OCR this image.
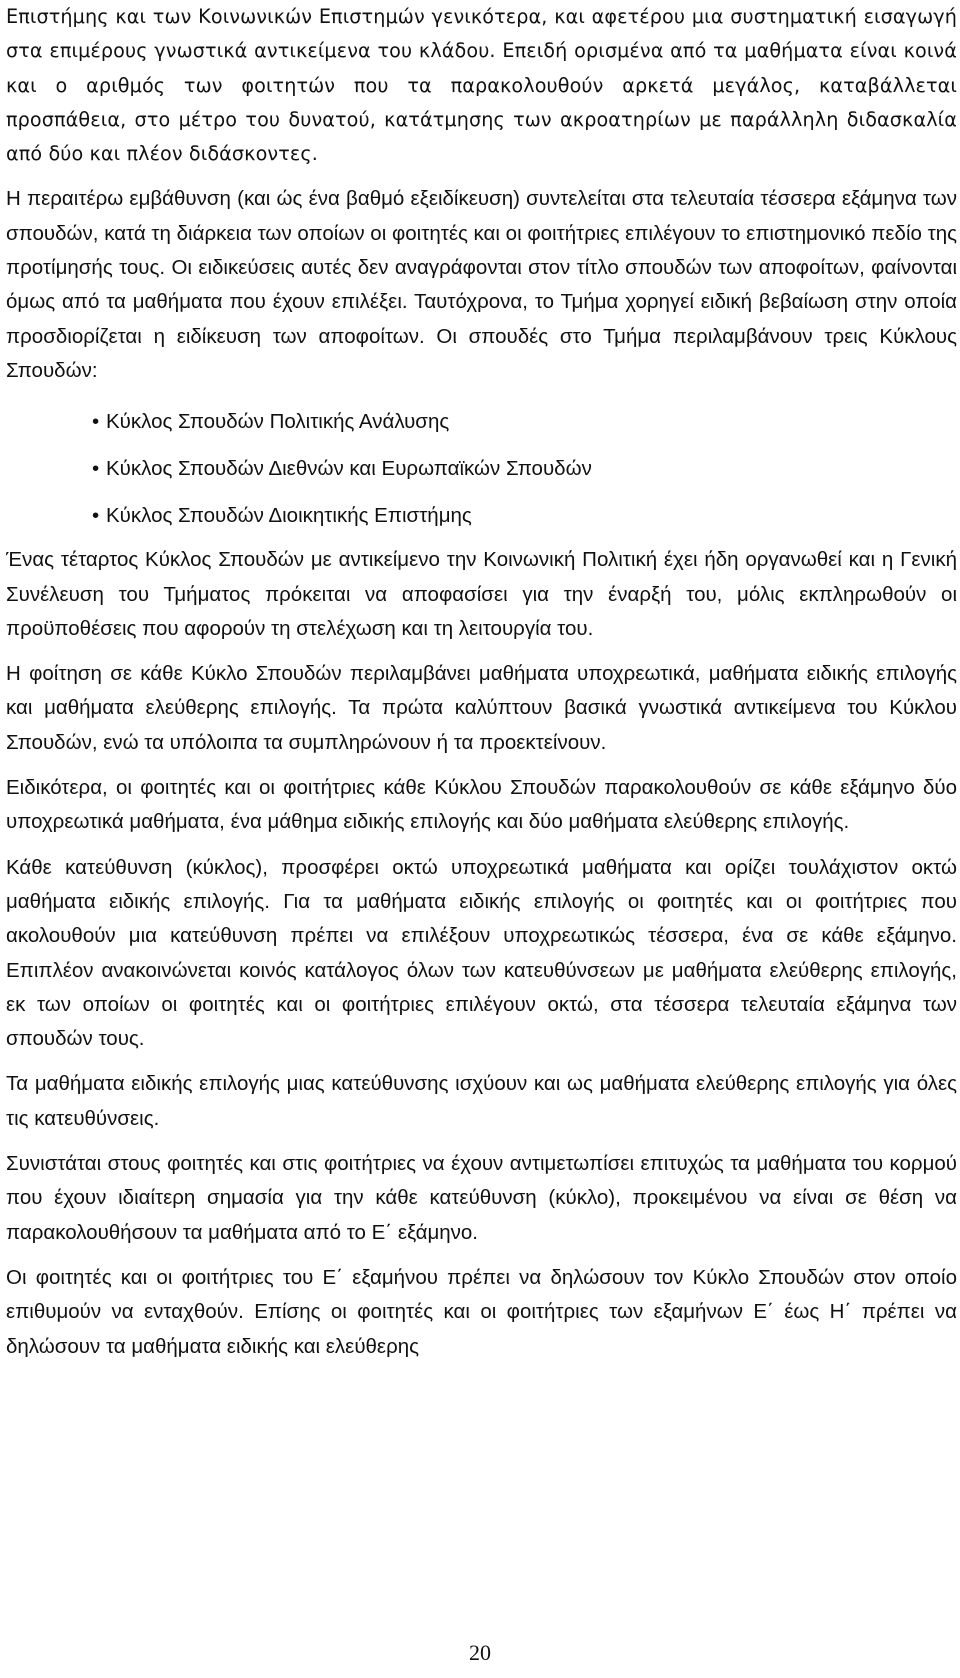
Επιστήμης και των Κοινωνικών Επιστημών γενικότερα, και αφετέρου μια συστηματική εισαγωγή στα επιμέρους γνωστικά αντικείμενα του κλάδου. Επειδή ορισμένα από τα μαθήματα είναι κοινά και ο αριθμός των φοιτητών που τα παρακολουθούν αρκετά μεγάλος, καταβάλλεται προσπάθεια, στο μέτρο του δυνατού, κατάτμησης των ακροατηρίων με παράλληλη διδασκαλία από δύο και πλέον διδάσκοντες.

Η περαιτέρω εμβάθυνση (και ώς ένα βαθμό εξειδίκευση) συντελείται στα τελευταία τέσσερα εξάμηνα των σπουδών, κατά τη διάρκεια των οποίων οι φοιτητές και οι φοιτήτριες επιλέγουν το επιστημονικό πεδίο της προτίμησής τους. Οι ειδικεύσεις αυτές δεν αναγράφονται στον τίτλο σπουδών των αποφοίτων, φαίνονται όμως από τα μαθήματα που έχουν επιλέξει. Ταυτόχρονα, το Τμήμα χορηγεί ειδική βεβαίωση στην οποία προσδιορίζεται η ειδίκευση των αποφοίτων. Οι σπουδές στο Τμήμα περιλαμβάνουν τρεις Κύκλους Σπουδών:

• Κύκλος Σπουδών Πολιτικής Ανάλυσης
• Κύκλος Σπουδών Διεθνών και Ευρωπαϊκών Σπουδών
• Κύκλος Σπουδών Διοικητικής Επιστήμης

Ένας τέταρτος Κύκλος Σπουδών με αντικείμενο την Κοινωνική Πολιτική έχει ήδη οργανωθεί και η Γενική Συνέλευση του Τμήματος πρόκειται να αποφασίσει για την έναρξή του, μόλις εκπληρωθούν οι προϋποθέσεις που αφορούν τη στελέχωση και τη λειτουργία του.

Η φοίτηση σε κάθε Κύκλο Σπουδών περιλαμβάνει μαθήματα υποχρεωτικά, μαθήματα ειδικής επιλογής και μαθήματα ελεύθερης επιλογής. Τα πρώτα καλύπτουν βασικά γνωστικά αντικείμενα του Κύκλου Σπουδών, ενώ τα υπόλοιπα τα συμπληρώνουν ή τα προεκτείνουν.

Ειδικότερα, οι φοιτητές και οι φοιτήτριες κάθε Κύκλου Σπουδών παρακολουθούν σε κάθε εξάμηνο δύο υποχρεωτικά μαθήματα, ένα μάθημα ειδικής επιλογής και δύο μαθήματα ελεύθερης επιλογής.

Κάθε κατεύθυνση (κύκλος), προσφέρει οκτώ υποχρεωτικά μαθήματα και ορίζει τουλάχιστον οκτώ μαθήματα ειδικής επιλογής. Για τα μαθήματα ειδικής επιλογής οι φοιτητές και οι φοιτήτριες που ακολουθούν μια κατεύθυνση πρέπει να επιλέξουν υποχρεωτικώς τέσσερα, ένα σε κάθε εξάμηνο. Επιπλέον ανακοινώνεται κοινός κατάλογος όλων των κατευθύνσεων με μαθήματα ελεύθερης επιλογής, εκ των οποίων οι φοιτητές και οι φοιτήτριες επιλέγουν οκτώ, στα τέσσερα τελευταία εξάμηνα των σπουδών τους.

Τα μαθήματα ειδικής επιλογής μιας κατεύθυνσης ισχύουν και ως μαθήματα ελεύθερης επιλογής για όλες τις κατευθύνσεις.

Συνιστάται στους φοιτητές και στις φοιτήτριες να έχουν αντιμετωπίσει επιτυχώς τα μαθήματα του κορμού που έχουν ιδιαίτερη σημασία για την κάθε κατεύθυνση (κύκλο), προκειμένου να είναι σε θέση να παρακολουθήσουν τα μαθήματα από το Ε΄ εξάμηνο.

Οι φοιτητές και οι φοιτήτριες του Ε΄ εξαμήνου πρέπει να δηλώσουν τον Κύκλο Σπουδών στον οποίο επιθυμούν να ενταχθούν. Επίσης οι φοιτητές και οι φοιτήτριες των εξαμήνων Ε΄ έως Η΄ πρέπει να δηλώσουν τα μαθήματα ειδικής και ελεύθερης

20
